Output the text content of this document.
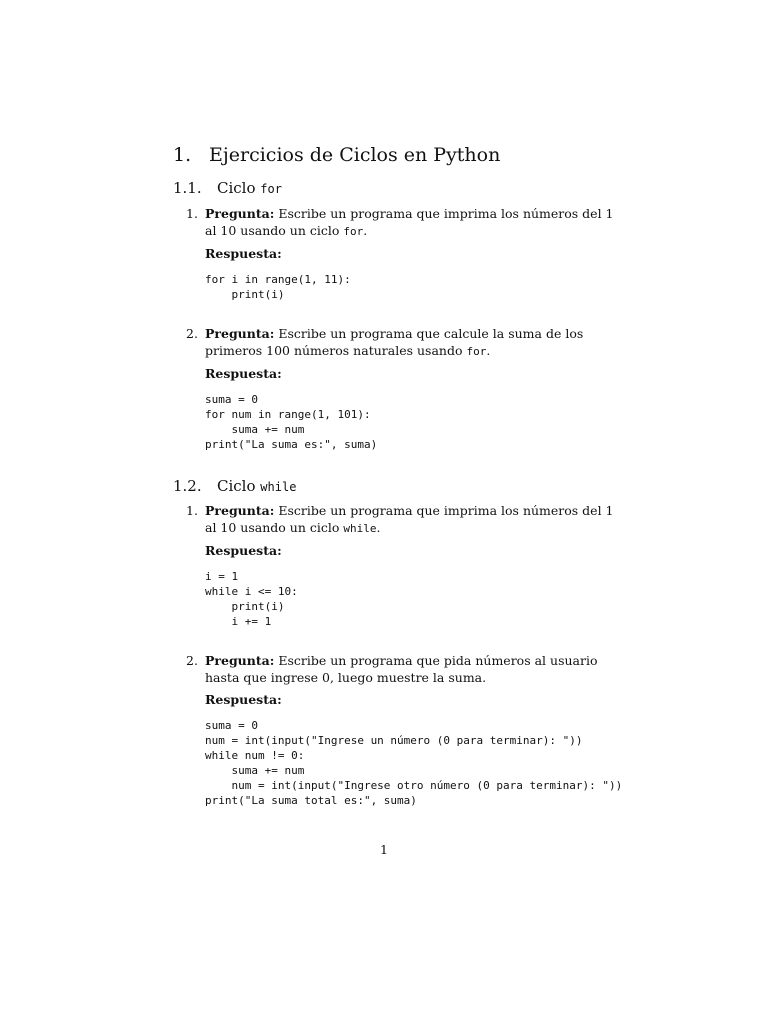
1. Ejercicios de Ciclos en Python
1.1. Ciclo for
1. Pregunta: Escribe un programa que imprima los números del 1 al 10 usando un ciclo for.

Respuesta:

for i in range(1, 11):
print(i)
2. Pregunta: Escribe un programa que calcule la suma de los primeros 100 números naturales usando for.

Respuesta:

suma = 0
for num in range(1, 101):
suma += num
print("La suma es:", suma)
1.2. Ciclo while
1. Pregunta: Escribe un programa que imprima los números del 1 al 10 usando un ciclo while.

Respuesta:

i = 1
while i <= 10:
print(i)
i += 1
2. Pregunta: Escribe un programa que pida números al usuario hasta que ingrese 0, luego muestre la suma.

Respuesta:

suma = 0
num = int(input("Ingrese un número (0 para terminar): "))
while num != 0:
suma += num
num = int(input("Ingrese otro número (0 para terminar): "))
print("La suma total es:", suma)
1
